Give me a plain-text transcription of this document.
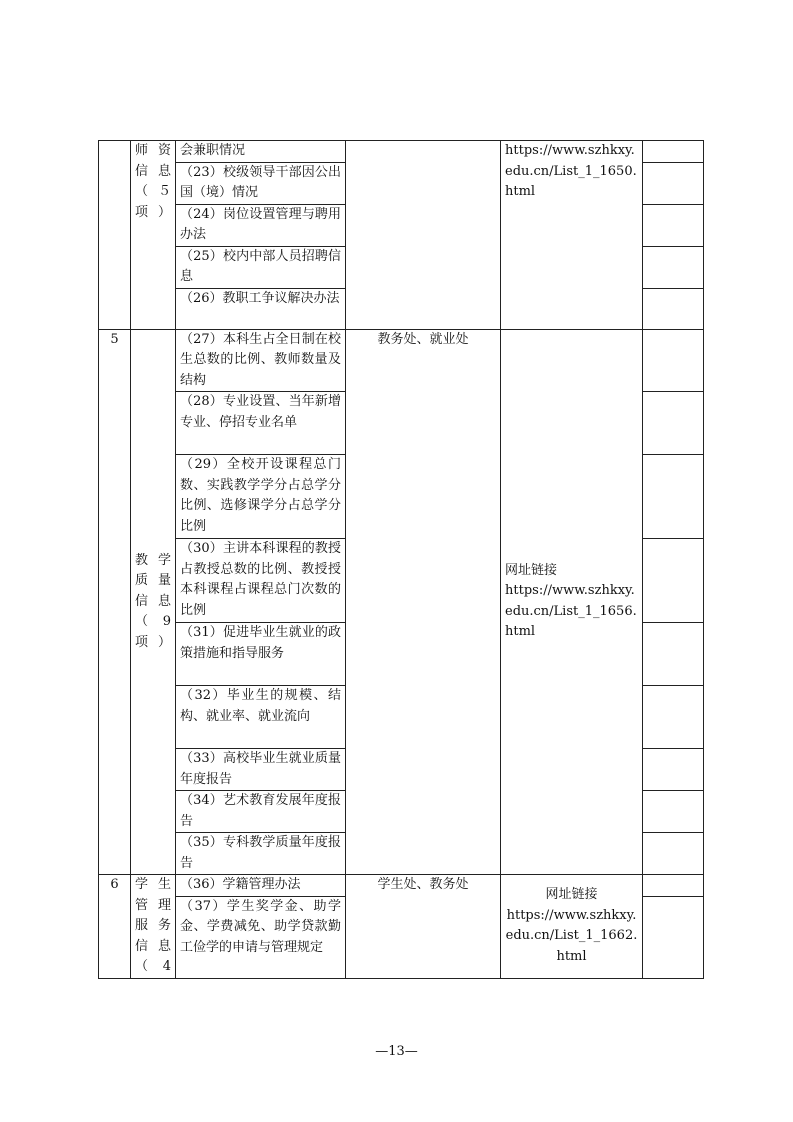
	师资信息（５项）	会兼职情况		https://www.szhkxy.edu.cn/List_1_1650.html	
		（23）校级领导干部因公出国（境）情况			
		（24）岗位设置管理与聘用办法			
		（25）校内中部人员招聘信息			
		（26）教职工争议解决办法			
5	教学质量信息（9项）	（27）本科生占全日制在校生总数的比例、教师数量及结构	教务处、就业处	网址链接
https://www.szhkxy.edu.cn/List_1_1656.html	

		（28）专业设置、当年新增专业、停招专业名单			
		（29）全校开设课程总门数、实践教学学分占总学分比例、选修课学分占总学分比例			
		（30）主讲本科课程的教授占教授总数的比例、教授授本科课程占课程总门次数的比例			
		（31）促进毕业生就业的政策措施和指导服务			
		（32）毕业生的规模、结构、就业率、就业流向			
		（33）高校毕业生就业质量年度报告			
		（34）艺术教育发展年度报告			
		（35）专科教学质量年度报告			
6	学生管理服务信息（4	（36）学籍管理办法	学生处、教务处	网址链接
https://www.szhkxy.edu.cn/List_1_1662.html	

		（37）学生奖学金、助学金、学费减免、助学贷款勤工俭学的申请与管理规定			
—13—
